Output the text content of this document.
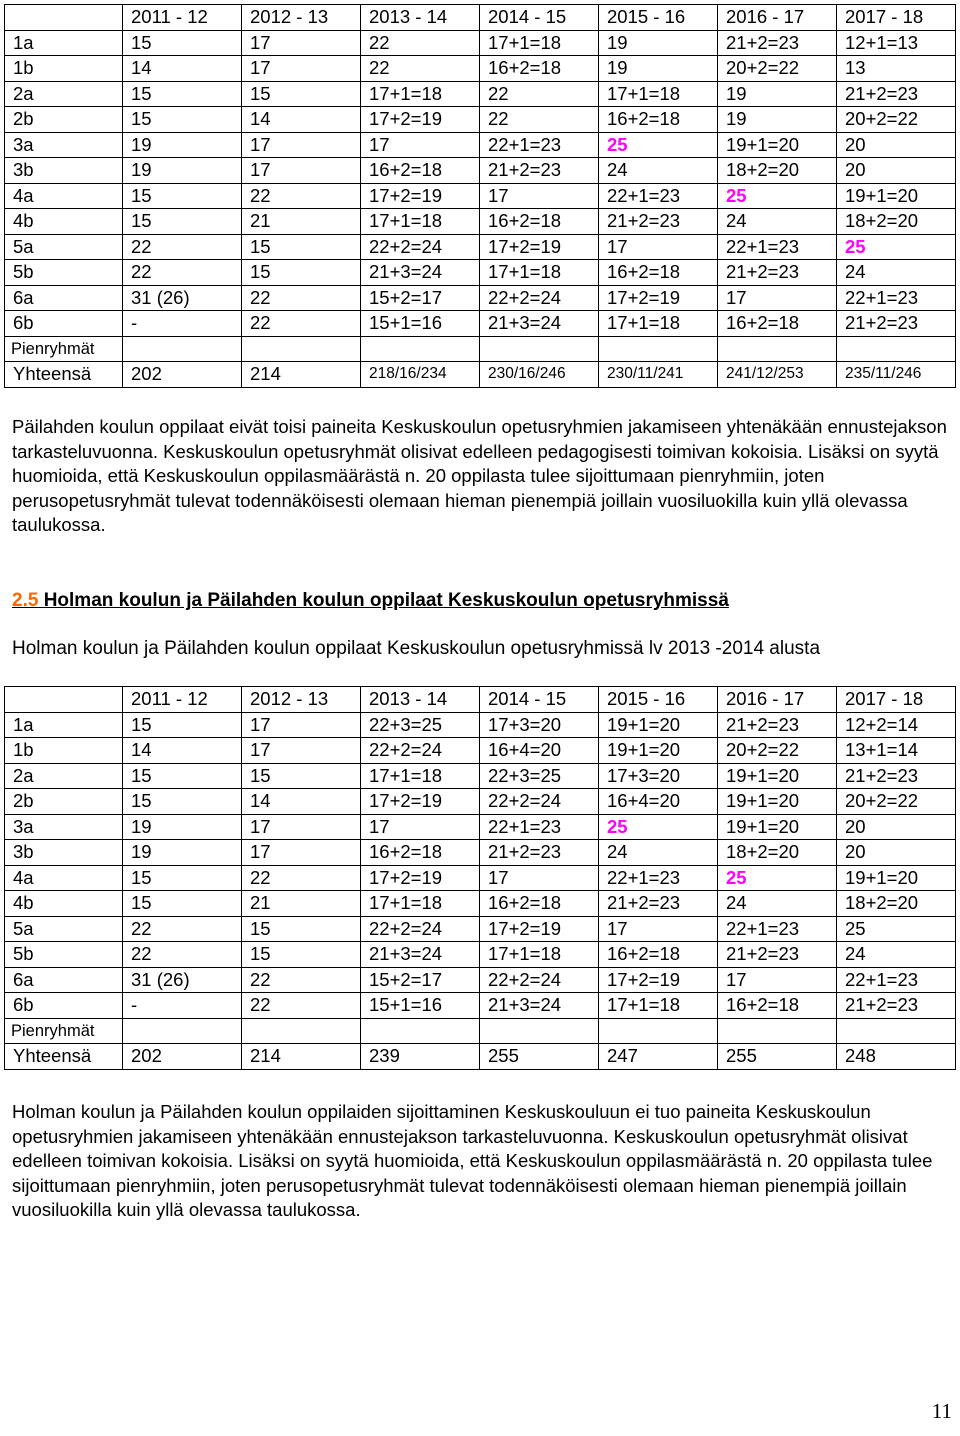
	2011 - 12	2012 - 13	2013 - 14	2014 - 15	2015 - 16	2016 - 17	2017 - 18
1a	15	17	22	17+1=18	19	21+2=23	12+1=13
1b	14	17	22	16+2=18	19	20+2=22	13
2a	15	15	17+1=18	22	17+1=18	19	21+2=23
2b	15	14	17+2=19	22	16+2=18	19	20+2=22
3a	19	17	17	22+1=23	25	19+1=20	20
3b	19	17	16+2=18	21+2=23	24	18+2=20	20
4a	15	22	17+2=19	17	22+1=23	25	19+1=20
4b	15	21	17+1=18	16+2=18	21+2=23	24	18+2=20
5a	22	15	22+2=24	17+2=19	17	22+1=23	25
5b	22	15	21+3=24	17+1=18	16+2=18	21+2=23	24
6a	31 (26)	22	15+2=17	22+2=24	17+2=19	17	22+1=23
6b	-	22	15+1=16	21+3=24	17+1=18	16+2=18	21+2=23
Pienryhmät							
Yhteensä	202	214	218/16/234	230/16/246	230/11/241	241/12/253	235/11/246

Päilahden koulun oppilaat eivät toisi paineita Keskuskoulun opetusryhmien jakamiseen yhtenäkään ennustejakson tarkasteluvuonna. Keskuskoulun opetusryhmät olisivat edelleen pedagogisesti toimivan kokoisia. Lisäksi on syytä huomioida, että Keskuskoulun oppilasmäärästä n. 20 oppilasta tulee sijoittumaan pienryhmiin, joten perusopetusryhmät tulevat todennäköisesti olemaan hieman pienempiä joillain vuosiluokilla kuin yllä olevassa taulukossa.

2.5 Holman koulun ja Päilahden koulun oppilaat Keskuskoulun opetusryhmissä

Holman koulun ja Päilahden koulun oppilaat Keskuskoulun opetusryhmissä lv 2013 -2014 alusta

	2011 - 12	2012 - 13	2013 - 14	2014 - 15	2015 - 16	2016 - 17	2017 - 18
1a	15	17	22+3=25	17+3=20	19+1=20	21+2=23	12+2=14
1b	14	17	22+2=24	16+4=20	19+1=20	20+2=22	13+1=14
2a	15	15	17+1=18	22+3=25	17+3=20	19+1=20	21+2=23
2b	15	14	17+2=19	22+2=24	16+4=20	19+1=20	20+2=22
3a	19	17	17	22+1=23	25	19+1=20	20
3b	19	17	16+2=18	21+2=23	24	18+2=20	20
4a	15	22	17+2=19	17	22+1=23	25	19+1=20
4b	15	21	17+1=18	16+2=18	21+2=23	24	18+2=20
5a	22	15	22+2=24	17+2=19	17	22+1=23	25
5b	22	15	21+3=24	17+1=18	16+2=18	21+2=23	24
6a	31 (26)	22	15+2=17	22+2=24	17+2=19	17	22+1=23
6b	-	22	15+1=16	21+3=24	17+1=18	16+2=18	21+2=23
Pienryhmät							
Yhteensä	202	214	239	255	247	255	248

Holman koulun ja Päilahden koulun oppilaiden sijoittaminen Keskuskouluun ei tuo paineita Keskuskoulun opetusryhmien jakamiseen yhtenäkään ennustejakson tarkasteluvuonna. Keskuskoulun opetusryhmät olisivat edelleen toimivan kokoisia. Lisäksi on syytä huomioida, että Keskuskoulun oppilasmäärästä n. 20 oppilasta tulee sijoittumaan pienryhmiin, joten perusopetusryhmät tulevat todennäköisesti olemaan hieman pienempiä joillain vuosiluokilla kuin yllä olevassa taulukossa.

11
